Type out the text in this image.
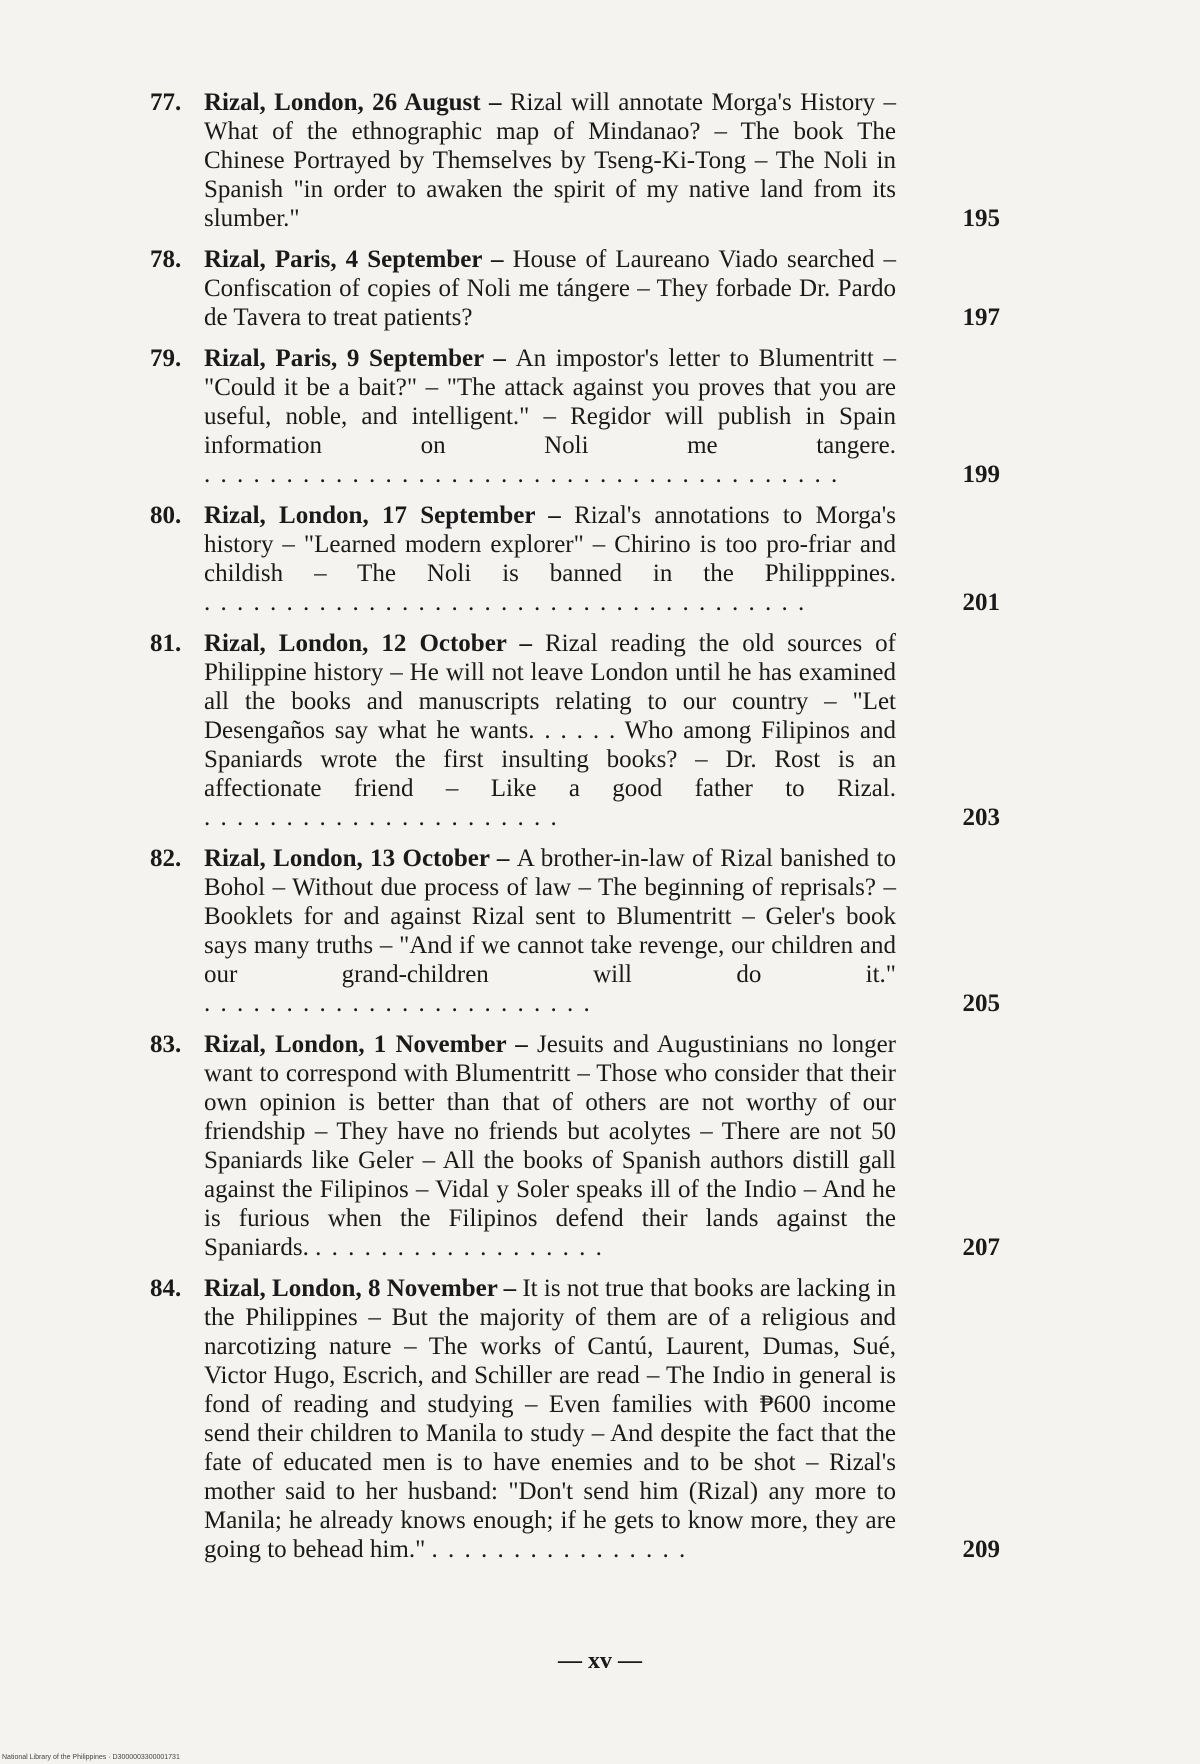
77. Rizal, London, 26 August – Rizal will annotate Morga's History – What of the ethnographic map of Mindanao? – The book The Chinese Portrayed by Themselves by Tseng-Ki-Tong – The Noli in Spanish "in order to awaken the spirit of my native land from its slumber."	195
78. Rizal, Paris, 4 September – House of Laureano Viado searched – Confiscation of copies of Noli me tángere – They forbade Dr. Pardo de Tavera to treat patients?	197
79. Rizal, Paris, 9 September – An impostor's letter to Blumentritt – "Could it be a bait?" – "The attack against you proves that you are useful, noble, and intelligent." – Regidor will publish in Spain information on Noli me tangere. . . . . . . . . . . . . . . . . . . . . . . . . . . . . . . . . . . . . . . .	199
80. Rizal, London, 17 September – Rizal's annotations to Morga's history – "Learned modern explorer" – Chirino is too pro-friar and childish – The Noli is banned in the Philipppines. . . . . . . . . . . . . . . . . . . . . . . . . . . . . . . . . . . . . .	201
81. Rizal, London, 12 October – Rizal reading the old sources of Philippine history – He will not leave London until he has examined all the books and manuscripts relating to our country – "Let Desengaños say what he wants. . . . . . Who among Filipinos and Spaniards wrote the first insulting books? – Dr. Rost is an affectionate friend – Like a good father to Rizal. . . . . . . . . . . . . . . . . . . . . . .	203
82. Rizal, London, 13 October – A brother-in-law of Rizal banished to Bohol – Without due process of law – The beginning of reprisals? – Booklets for and against Rizal sent to Blumentritt – Geler's book says many truths – "And if we cannot take revenge, our children and our grand-children will do it." . . . . . . . . . . . . . . . . . . . . . . . .	205
83. Rizal, London, 1 November – Jesuits and Augustinians no longer want to correspond with Blumentritt – Those who consider that their own opinion is better than that of others are not worthy of our friendship – They have no friends but acolytes – There are not 50 Spaniards like Geler – All the books of Spanish authors distill gall against the Filipinos – Vidal y Soler speaks ill of the Indio – And he is furious when the Filipinos defend their lands against the Spaniards. . . . . . . . . . . . . . . . . . .	207
84. Rizal, London, 8 November – It is not true that books are lacking in the Philippines – But the majority of them are of a religious and narcotizing nature – The works of Cantú, Laurent, Dumas, Sué, Victor Hugo, Escrich, and Schiller are read – The Indio in general is fond of reading and studying – Even families with ₱600 income send their children to Manila to study – And despite the fact that the fate of educated men is to have enemies and to be shot – Rizal's mother said to her husband: "Don't send him (Rizal) any more to Manila; he already knows enough; if he gets to know more, they are going to behead him." . . . . . . . . . . . . . . . .	209
— xv —
National Library of the Philippines · D3000003300001731
